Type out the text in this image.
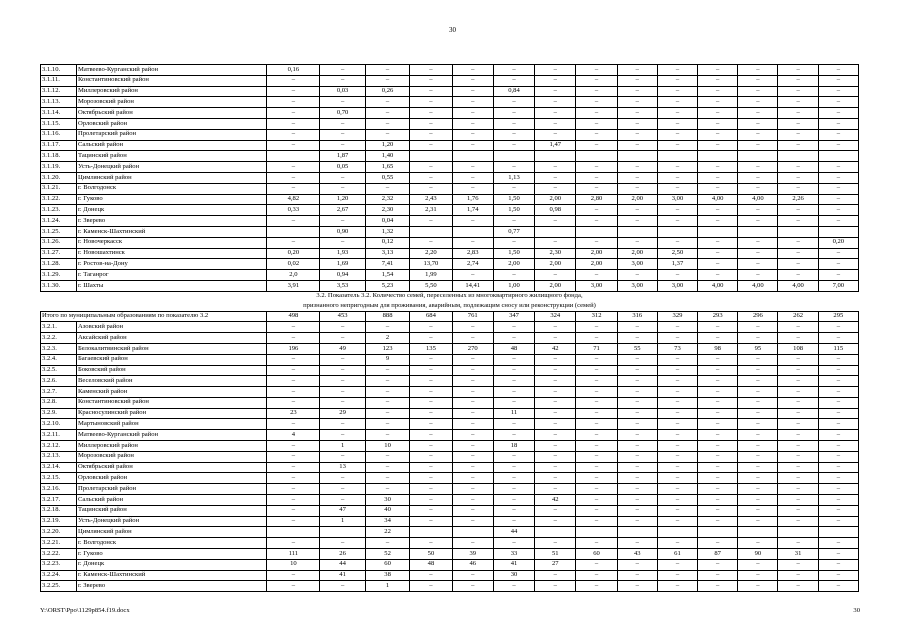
30
3.1.10.	Матвеево-Курганский район	0,16	–	–	–	–	–	–	–	–	–	–	–	–	–
3.1.11.	Константиновский район	–	–	–	–	–	–	–	–	–	–	–	–	–	–
3.1.12.	Миллеровский район	–	0,03	0,26	–	–	0,84	–	–	–	–	–	–	–	–
3.1.13.	Морозовский район	–	–	–	–	–	–	–	–	–	–	–	–	–	–
3.1.14.	Октябрьский район	–	0,70	–	–	–	–	–	–	–	–	–	–	–	–
3.1.15.	Орловский район	–	–	–	–	–	–	–	–	–	–	–	–	–	–
3.1.16.	Пролетарский район	–	–	–	–	–	–	–	–	–	–	–	–	–	–
3.1.17.	Сальский район	–	–	1,20	–	–	–	1,47	–	–	–	–	–	–	–
3.1.18.	Тацинский район		1,87	1,40											
3.1.19.	Усть-Донецкий район	–	0,05	1,65	–	–	–	–	–	–	–	–	–	–	–
3.1.20.	Цимлянский район	–	–	0,55	–	–	1,13	–	–	–	–	–	–	–	–
3.1.21.	г. Волгодонск	–	–	–	–	–	–	–	–	–	–	–	–	–	–
3.1.22.	г. Гуково	4,82	1,20	2,32	2,43	1,76	1,50	2,00	2,80	2,00	3,00	4,00	4,00	2,26	–
3.1.23.	г. Донецк	0,33	2,67	2,30	2,31	1,74	1,50	0,98	–	–	–	–	–	–	–
3.1.24.	г. Зверево	–	–	0,04	–	–	–	–	–	–	–	–	–	–	–
3.1.25.	г. Каменск-Шахтинский		0,90	1,32			0,77								
3.1.26.	г. Новочеркасск	–	–	0,12	–	–	–	–	–	–	–	–	–	–	0,20
3.1.27.	г. Новошахтинск	0,20	1,93	3,13	2,20	2,83	1,50	2,30	2,00	2,00	2,50	–	–	–	–
3.1.28.	г. Ростов-на-Дону	0,02	1,69	7,41	13,70	2,74	2,00	2,00	2,00	3,00	1,37	–	–	–	–
3.1.29.	г. Таганрог	2,0	0,94	1,54	1,99	–	–	–	–	–	–	–	–	–	–
3.1.30.	г. Шахты	3,91	3,53	5,23	5,50	14,41	1,00	2,00	3,00	3,00	3,00	4,00	4,00	4,00	7,00
3.2. Показатель 3.2. Количество семей, переселенных из многоквартирного жилищного фонда,															
признанного непригодным для проживания, аварийным, подлежащим сносу или реконструкции (семей)															
Итого по муниципальным образованиям по показателю 3.2		498	453	888	684	761	347	324	312	316	329	293	296	262	295
3.2.1.	Азовский район	–	–	–	–	–	–	–	–	–	–	–	–	–	–
3.2.2.	Аксайский район	–	–	2	–	–	–	–	–	–	–	–	–	–	–
3.2.3.	Белокалитвинский район	196	49	123	135	270	48	42	71	55	73	98	95	108	115
3.2.4.	Багаевский район	–	–	9	–	–	–	–	–	–	–	–	–	–	–
3.2.5.	Боковский район	–	–	–	–	–	–	–	–	–	–	–	–	–	–
3.2.6.	Веселовский район	–	–	–	–	–	–	–	–	–	–	–	–	–	–
3.2.7.	Каменский район	–	–	–	–	–	–	–	–	–	–	–	–	–	–
3.2.8.	Константиновский район	–	–	–	–	–	–	–	–	–	–	–	–	–	–
3.2.9.	Красносулинский район	23	29	–	–	–	11	–	–	–	–	–	–	–	–
3.2.10.	Мартыновский район	–	–	–	–	–	–	–	–	–	–	–	–	–	–
3.2.11.	Матвеево-Курганский район	4	–	–	–	–	–	–	–	–	–	–	–	–	–
3.2.12.	Миллеровский район	–	1	10	–	–	18	–	–	–	–	–	–	–	–
3.2.13.	Морозовский район	–	–	–	–	–	–	–	–	–	–	–	–	–	–
3.2.14.	Октябрьский район	–	13	–	–	–	–	–	–	–	–	–	–	–	–
3.2.15.	Орловский район	–	–	–	–	–	–	–	–	–	–	–	–	–	–
3.2.16.	Пролетарский район	–	–	–	–	–	–	–	–	–	–	–	–	–	–
3.2.17.	Сальский район	–	–	30	–	–	–	42	–	–	–	–	–	–	–
3.2.18.	Тацинский район	–	47	40	–	–	–	–	–	–	–	–	–	–	–
3.2.19.	Усть-Донецкий район	–	1	34	–	–	–	–	–	–	–	–	–	–	–
3.2.20.	Цимлянский район			22			44								
3.2.21.	г. Волгодонск	–	–	–	–	–	–	–	–	–	–	–	–	–	–
3.2.22.	г. Гуково	111	26	52	50	39	33	51	60	43	61	87	90	31	–
3.2.23.	г. Донецк	10	44	60	48	46	41	27	–	–	–	–	–	–	–
3.2.24.	г. Каменск-Шахтинский	–	41	38	–	–	30	–	–	–	–	–	–	–	–
3.2.25.	г. Зверево	–	–	1	–	–	–	–	–	–	–	–	–	–	–
Y:\ORST\Ppo\1129p854.f19.docx	30
